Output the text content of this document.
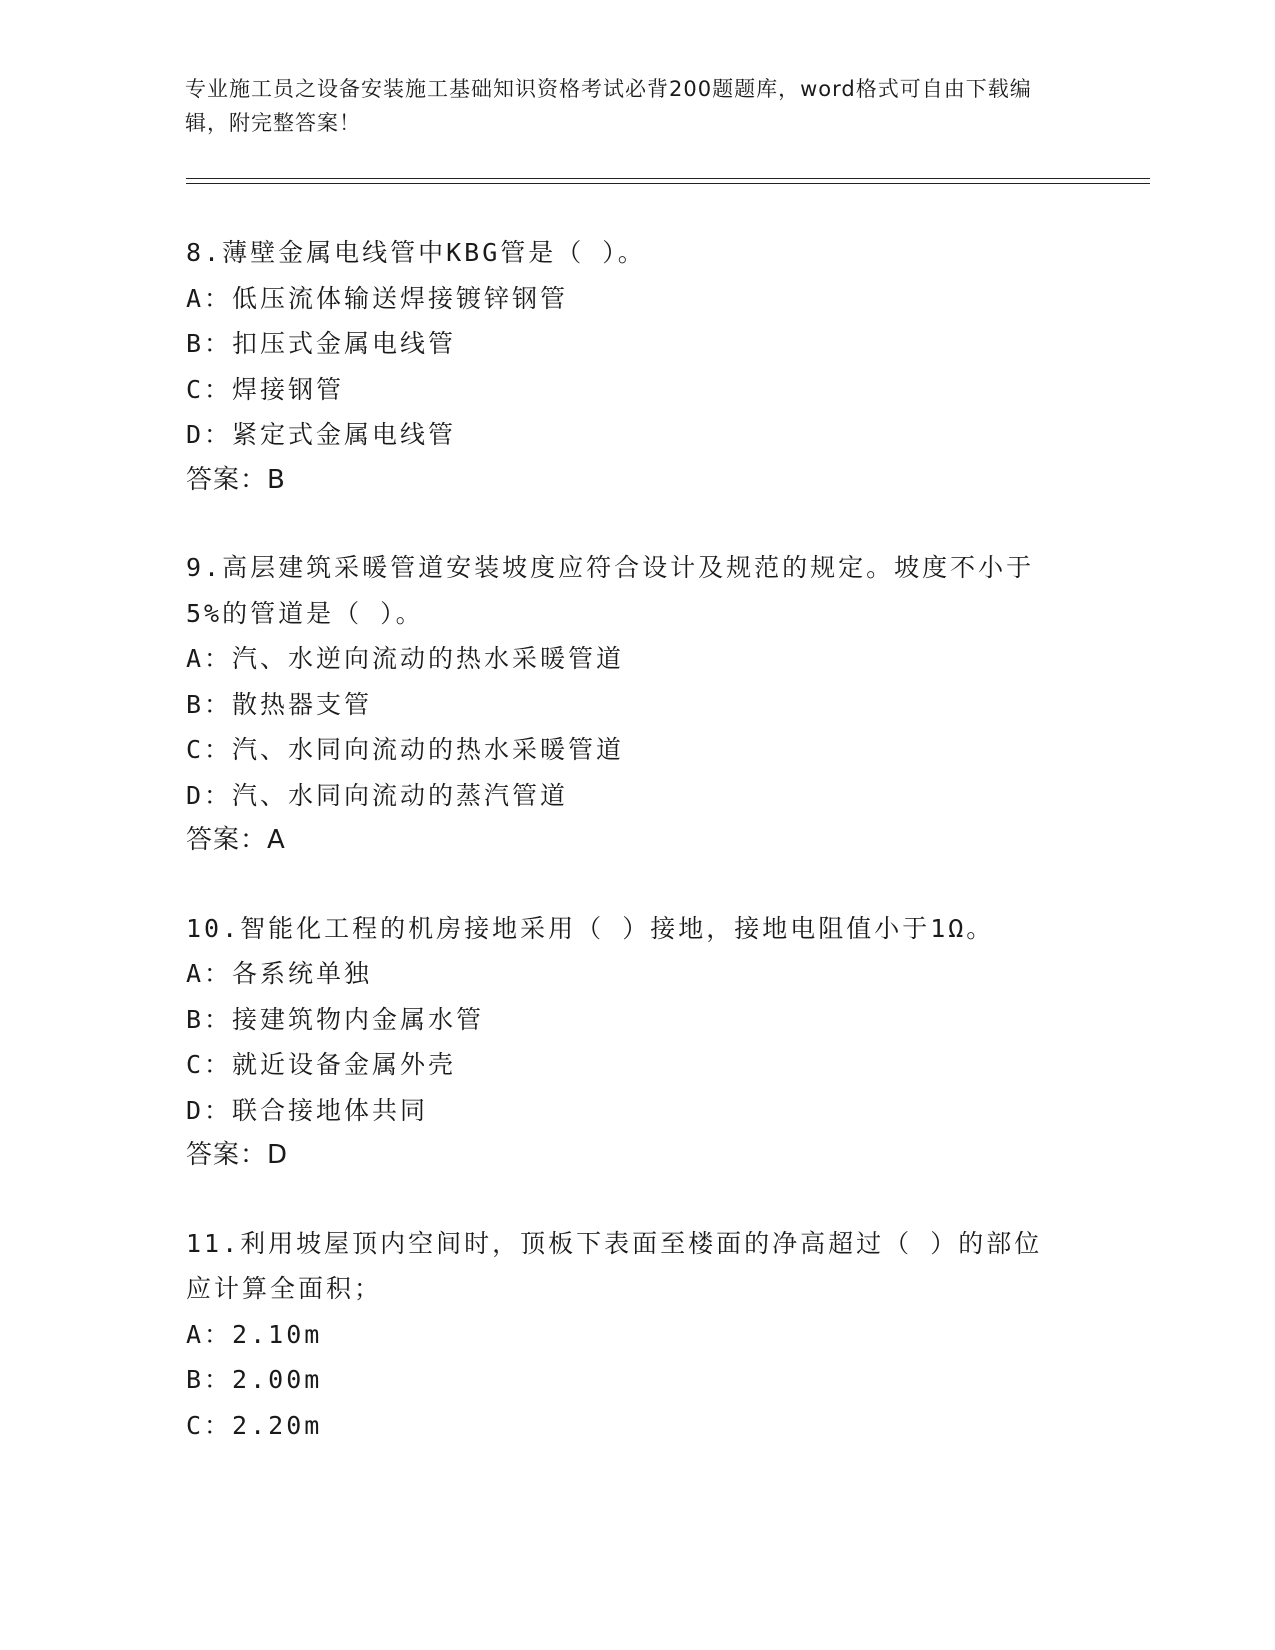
专业施工员之设备安装施工基础知识资格考试必背200题题库，word格式可自由下载编辑，附完整答案！
8.薄壁金属电线管中KBG管是（ ）。
A：低压流体输送焊接镀锌钢管
B：扣压式金属电线管
C：焊接钢管
D：紧定式金属电线管
答案：B
9.高层建筑采暖管道安装坡度应符合设计及规范的规定。坡度不小于5%的管道是（ ）。
A：汽、水逆向流动的热水采暖管道
B：散热器支管
C：汽、水同向流动的热水采暖管道
D：汽、水同向流动的蒸汽管道
答案：A
10.智能化工程的机房接地采用（ ）接地，接地电阻值小于1Ω。
A：各系统单独
B：接建筑物内金属水管
C：就近设备金属外壳
D：联合接地体共同
答案：D
11.利用坡屋顶内空间时，顶板下表面至楼面的净高超过（ ）的部位应计算全面积；
A：2.10m
B：2.00m
C：2.20m
